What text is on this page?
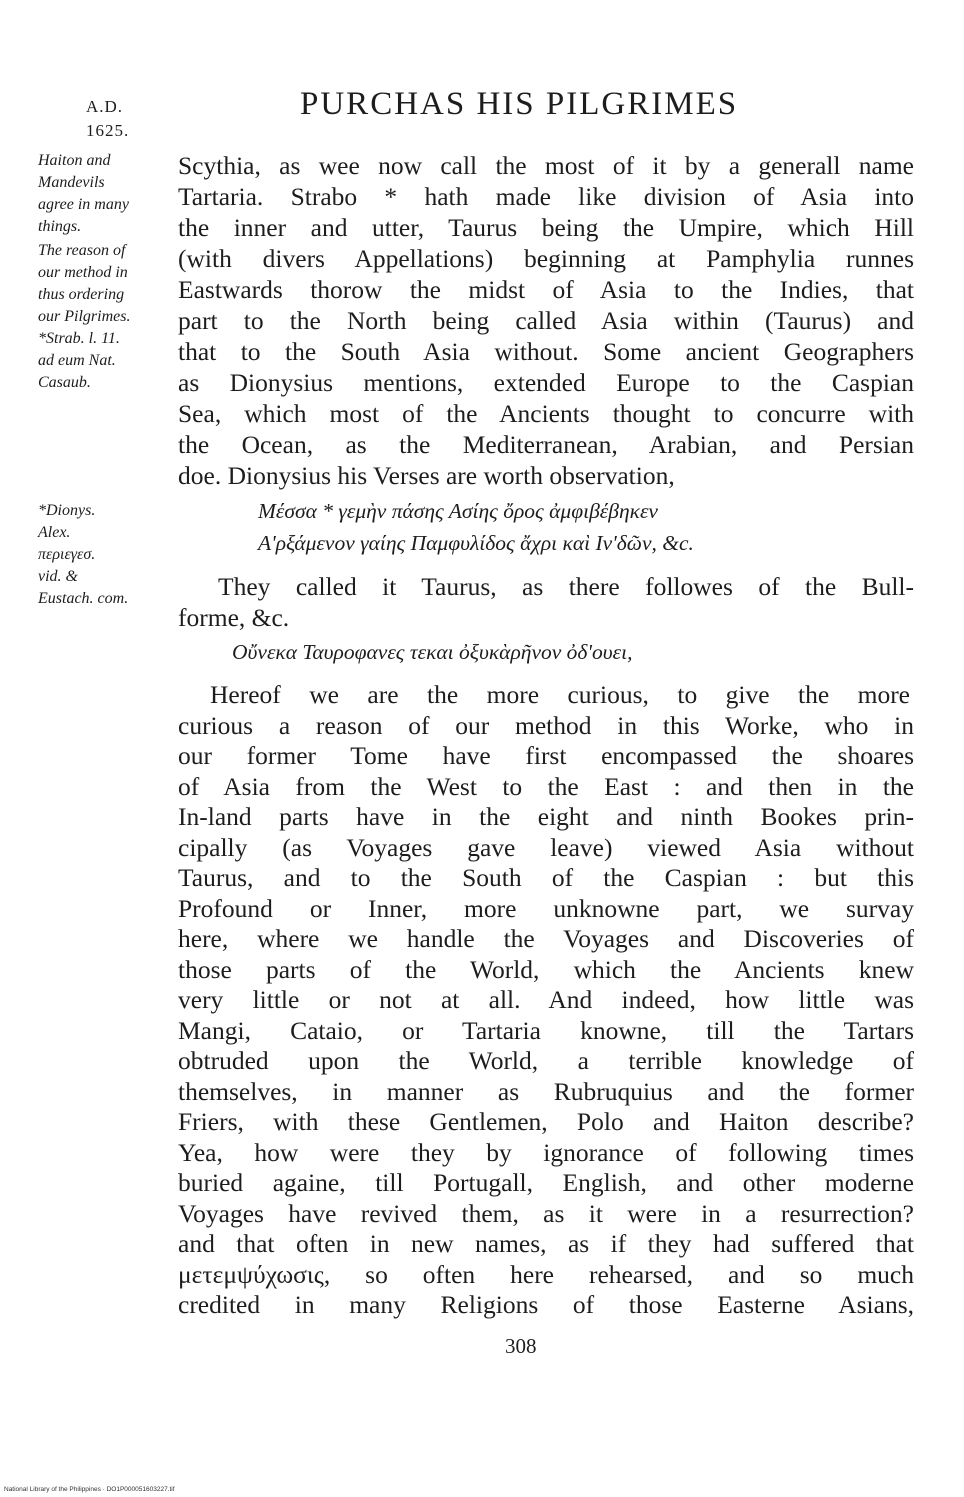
A.D.
1625.
PURCHAS HIS PILGRIMES
Haiton and
Mandevils
agree in many
things.
The reason of
our method in
thus ordering
our Pilgrimes.
*Strab. l. 11.
ad eum Nat.
Casaub.
*Dionys.
Alex.
περιεγεσ.
vid. &
Eustach. com.
Scythia, as wee now call the most of it by a generall name
Tartaria. Strabo * hath made like division of Asia into
the inner and utter, Taurus being the Umpire, which Hill
(with divers Appellations) beginning at Pamphylia runnes
Eastwards thorow the midst of Asia to the Indies, that
part to the North being called Asia within (Taurus) and
that to the South Asia without. Some ancient Geographers
as Dionysius mentions, extended Europe to the Caspian
Sea, which most of the Ancients thought to concurre with
the Ocean, as the Mediterranean, Arabian, and Persian
doe. Dionysius his Verses are worth observation,
Μέσσα * γεμὴν πάσης Ασίης ὄρος ἀμφιβέβηκεν
Α'ρξάμενον γαίης Παμφυλίδος ἄχρι καὶ Ιν'δῶν, &c.
They called it Taurus, as there followes of the Bull-
forme, &c.
Οὔνεκα Ταυροφανες τεκαι ὀξυκὰρῆνον ὀδ'ουει,
Hereof we are the more curious, to give the more
curious a reason of our method in this Worke, who in
our former Tome have first encompassed the shoares
of Asia from the West to the East : and then in the
In-land parts have in the eight and ninth Bookes prin-
cipally (as Voyages gave leave) viewed Asia without
Taurus, and to the South of the Caspian : but this
Profound or Inner, more unknowne part, we survay
here, where we handle the Voyages and Discoveries of
those parts of the World, which the Ancients knew
very little or not at all. And indeed, how little was
Mangi, Cataio, or Tartaria knowne, till the Tartars
obtruded upon the World, a terrible knowledge of
themselves, in manner as Rubruquius and the former
Friers, with these Gentlemen, Polo and Haiton describe?
Yea, how were they by ignorance of following times
buried againe, till Portugall, English, and other moderne
Voyages have revived them, as it were in a resurrection?
and that often in new names, as if they had suffered that
μετεμψύχωσις, so often here rehearsed, and so much
credited in many Religions of those Easterne Asians,
308
National Library of the Philippines · DO1P000051603227.tif
